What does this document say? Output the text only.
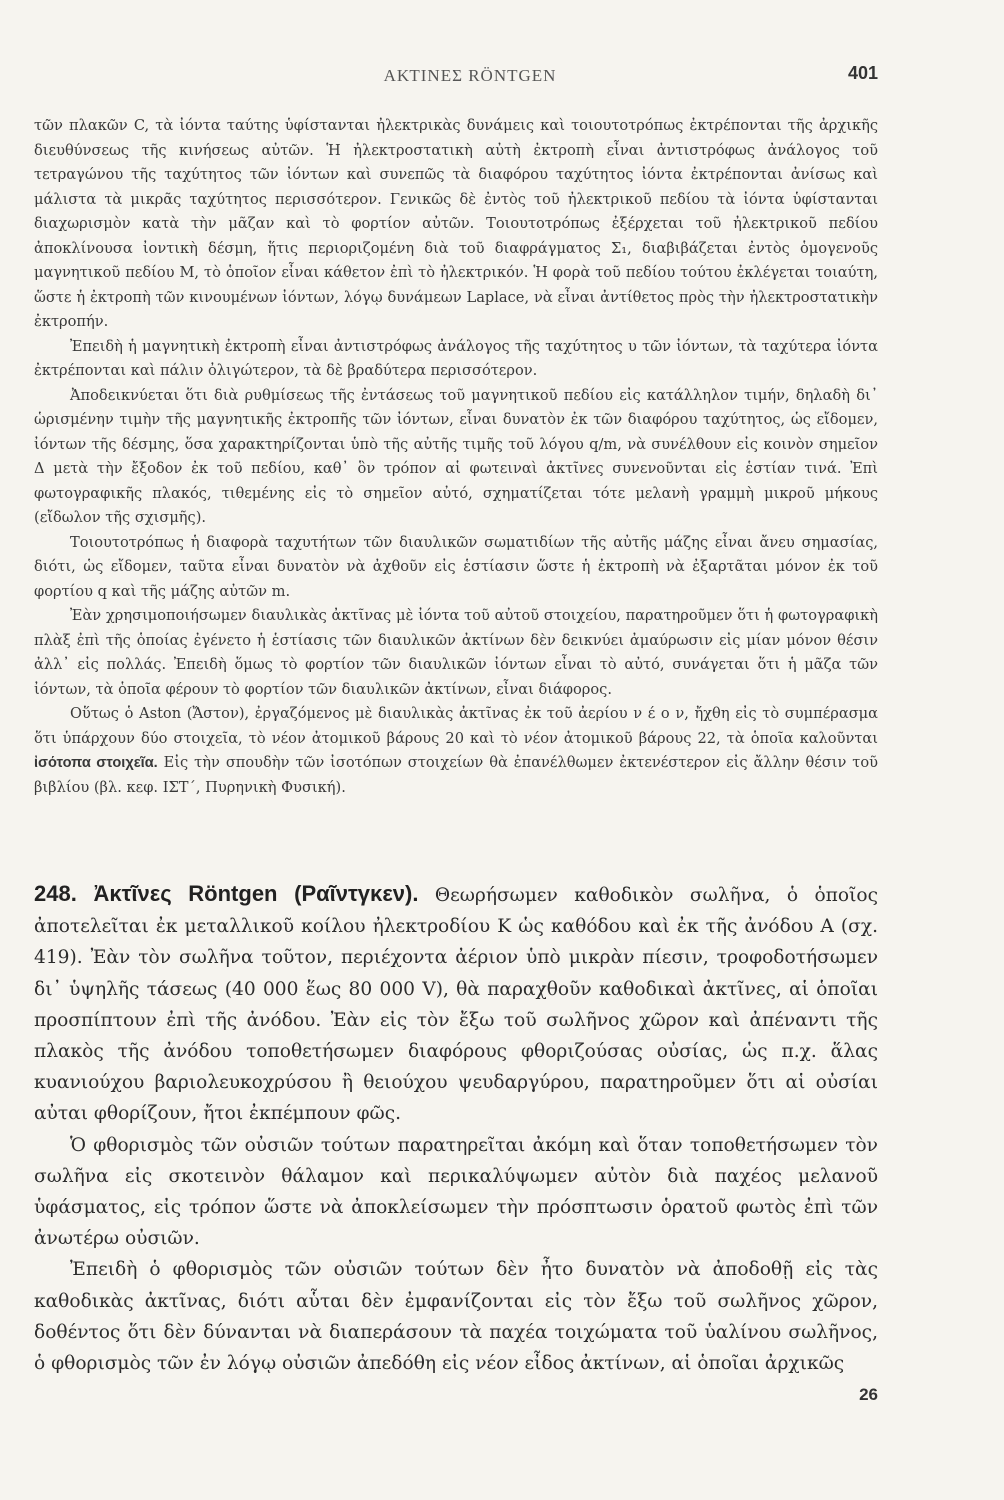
ΑΚΤΙΝΕΣ RÖNTGEN	401

τῶν πλακῶν C, τὰ ἰόντα ταύτης ὑφίστανται ἠλεκτρικὰς δυνάμεις καὶ τοιουτοτρόπως ἐκτρέπονται τῆς ἀρχικῆς διευθύνσεως τῆς κινήσεως αὐτῶν. Ἡ ἠλεκτροστατικὴ αὐτὴ ἐκτροπὴ εἶναι ἀντιστρόφως ἀνάλογος τοῦ τετραγώνου τῆς ταχύτητος τῶν ἰόντων καὶ συνεπῶς τὰ διαφόρου ταχύτητος ἰόντα ἐκτρέπονται ἀνίσως καὶ μάλιστα τὰ μικρᾶς ταχύτητος περισσότερον. Γενικῶς δὲ ἐντὸς τοῦ ἠλεκτρικοῦ πεδίου τὰ ἰόντα ὑφίστανται διαχωρισμὸν κατὰ τὴν μᾶζαν καὶ τὸ φορτίον αὐτῶν. Τοιουτοτρόπως ἐξέρχεται τοῦ ἠλεκτρικοῦ πεδίου ἀποκλίνουσα ἰοντικὴ δέσμη, ἥτις περιοριζομένη διὰ τοῦ διαφράγματος Σ₁, διαβιβάζεται ἐντὸς ὁμογενοῦς μαγνητικοῦ πεδίου Μ, τὸ ὁποῖον εἶναι κάθετον ἐπὶ τὸ ἠλεκτρικόν. Ἡ φορὰ τοῦ πεδίου τούτου ἐκλέγεται τοιαύτη, ὥστε ἡ ἐκτροπὴ τῶν κινουμένων ἰόντων, λόγῳ δυνάμεων Laplace, νὰ εἶναι ἀντίθετος πρὸς τὴν ἠλεκτροστατικὴν ἐκτροπήν.

Ἐπειδὴ ἡ μαγνητικὴ ἐκτροπὴ εἶναι ἀντιστρόφως ἀνάλογος τῆς ταχύτητος υ τῶν ἰόντων, τὰ ταχύτερα ἰόντα ἐκτρέπονται καὶ πάλιν ὀλιγώτερον, τὰ δὲ βραδύτερα περισσότερον.

Ἀποδεικνύεται ὅτι διὰ ρυθμίσεως τῆς ἐντάσεως τοῦ μαγνητικοῦ πεδίου εἰς κατάλληλον τιμήν, δηλαδὴ δι᾽ ὡρισμένην τιμὴν τῆς μαγνητικῆς ἐκτροπῆς τῶν ἰόντων, εἶναι δυνατὸν ἐκ τῶν διαφόρου ταχύτητος, ὡς εἴδομεν, ἰόντων τῆς δέσμης, ὅσα χαρακτηρίζονται ὑπὸ τῆς αὐτῆς τιμῆς τοῦ λόγου q/m, νὰ συνέλθουν εἰς κοινὸν σημεῖον Δ μετὰ τὴν ἔξοδον ἐκ τοῦ πεδίου, καθ᾽ ὃν τρόπον αἱ φωτειναὶ ἀκτῖνες συνενοῦνται εἰς ἑστίαν τινά. Ἐπὶ φωτογραφικῆς πλακός, τιθεμένης εἰς τὸ σημεῖον αὐτό, σχηματίζεται τότε μελανὴ γραμμὴ μικροῦ μήκους (εἴδωλον τῆς σχισμῆς).

Τοιουτοτρόπως ἡ διαφορὰ ταχυτήτων τῶν διαυλικῶν σωματιδίων τῆς αὐτῆς μάζης εἶναι ἄνευ σημασίας, διότι, ὡς εἴδομεν, ταῦτα εἶναι δυνατὸν νὰ ἀχθοῦν εἰς ἑστίασιν ὥστε ἡ ἐκτροπὴ νὰ ἐξαρτᾶται μόνον ἐκ τοῦ φορτίου q καὶ τῆς μάζης αὐτῶν m.

Ἐὰν χρησιμοποιήσωμεν διαυλικὰς ἀκτῖνας μὲ ἰόντα τοῦ αὐτοῦ στοιχείου, παρατηροῦμεν ὅτι ἡ φωτογραφικὴ πλὰξ ἐπὶ τῆς ὁποίας ἐγένετο ἡ ἑστίασις τῶν διαυλικῶν ἀκτίνων δὲν δεικνύει ἀμαύρωσιν εἰς μίαν μόνον θέσιν ἀλλ᾽ εἰς πολλάς. Ἐπειδὴ ὅμως τὸ φορτίον τῶν διαυλικῶν ἰόντων εἶναι τὸ αὐτό, συνάγεται ὅτι ἡ μᾶζα τῶν ἰόντων, τὰ ὁποῖα φέρουν τὸ φορτίον τῶν διαυλικῶν ἀκτίνων, εἶναι διάφορος.

Οὕτως ὁ Aston (Ἄστον), ἐργαζόμενος μὲ διαυλικὰς ἀκτῖνας ἐκ τοῦ ἀερίου ν έ ο ν, ἤχθη εἰς τὸ συμπέρασμα ὅτι ὑπάρχουν δύο στοιχεῖα, τὸ νέον ἀτομικοῦ βάρους 20 καὶ τὸ νέον ἀτομικοῦ βάρους 22, τὰ ὁποῖα καλοῦνται ἰσότοπα στοιχεῖα. Εἰς τὴν σπουδὴν τῶν ἰσοτόπων στοιχείων θὰ ἐπανέλθωμεν ἐκτενέστερον εἰς ἄλλην θέσιν τοῦ βιβλίου (βλ. κεφ. ΙΣΤ΄, Πυρηνικὴ Φυσική).

248. Ἀκτῖνες Röntgen (Ραῖντγκεν). Θεωρήσωμεν καθοδικὸν σωλῆνα, ὁ ὁποῖος ἀποτελεῖται ἐκ μεταλλικοῦ κοίλου ἠλεκτροδίου Κ ὡς καθόδου καὶ ἐκ τῆς ἀνόδου Α (σχ. 419). Ἐὰν τὸν σωλῆνα τοῦτον, περιέχοντα ἀέριον ὑπὸ μικρὰν πίεσιν, τροφοδοτήσωμεν δι᾽ ὑψηλῆς τάσεως (40 000 ἕως 80 000 V), θὰ παραχθοῦν καθοδικαὶ ἀκτῖνες, αἱ ὁποῖαι προσπίπτουν ἐπὶ τῆς ἀνόδου. Ἐὰν εἰς τὸν ἔξω τοῦ σωλῆνος χῶρον καὶ ἀπέναντι τῆς πλακὸς τῆς ἀνόδου τοποθετήσωμεν διαφόρους φθοριζούσας οὐσίας, ὡς π.χ. ἅλας κυανιούχου βαριολευκοχρύσου ἢ θειούχου ψευδαργύρου, παρατηροῦμεν ὅτι αἱ οὐσίαι αὐται φθορίζουν, ἤτοι ἐκπέμπουν φῶς.

Ὁ φθορισμὸς τῶν οὐσιῶν τούτων παρατηρεῖται ἀκόμη καὶ ὅταν τοποθετήσωμεν τὸν σωλῆνα εἰς σκοτεινὸν θάλαμον καὶ περικαλύψωμεν αὐτὸν διὰ παχέος μελανοῦ ὑφάσματος, εἰς τρόπον ὥστε νὰ ἀποκλείσωμεν τὴν πρόσπτωσιν ὁρατοῦ φωτὸς ἐπὶ τῶν ἀνωτέρω οὐσιῶν.

Ἐπειδὴ ὁ φθορισμὸς τῶν οὐσιῶν τούτων δὲν ἦτο δυνατὸν νὰ ἀποδοθῇ εἰς τὰς καθοδικὰς ἀκτῖνας, διότι αὗται δὲν ἐμφανίζονται εἰς τὸν ἔξω τοῦ σωλῆνος χῶρον, δοθέντος ὅτι δὲν δύνανται νὰ διαπεράσουν τὰ παχέα τοιχώματα τοῦ ὑαλίνου σωλῆνος, ὁ φθορισμὸς τῶν ἐν λόγῳ οὐσιῶν ἀπεδόθη εἰς νέον εἶδος ἀκτίνων, αἱ ὁποῖαι ἀρχικῶς

26
